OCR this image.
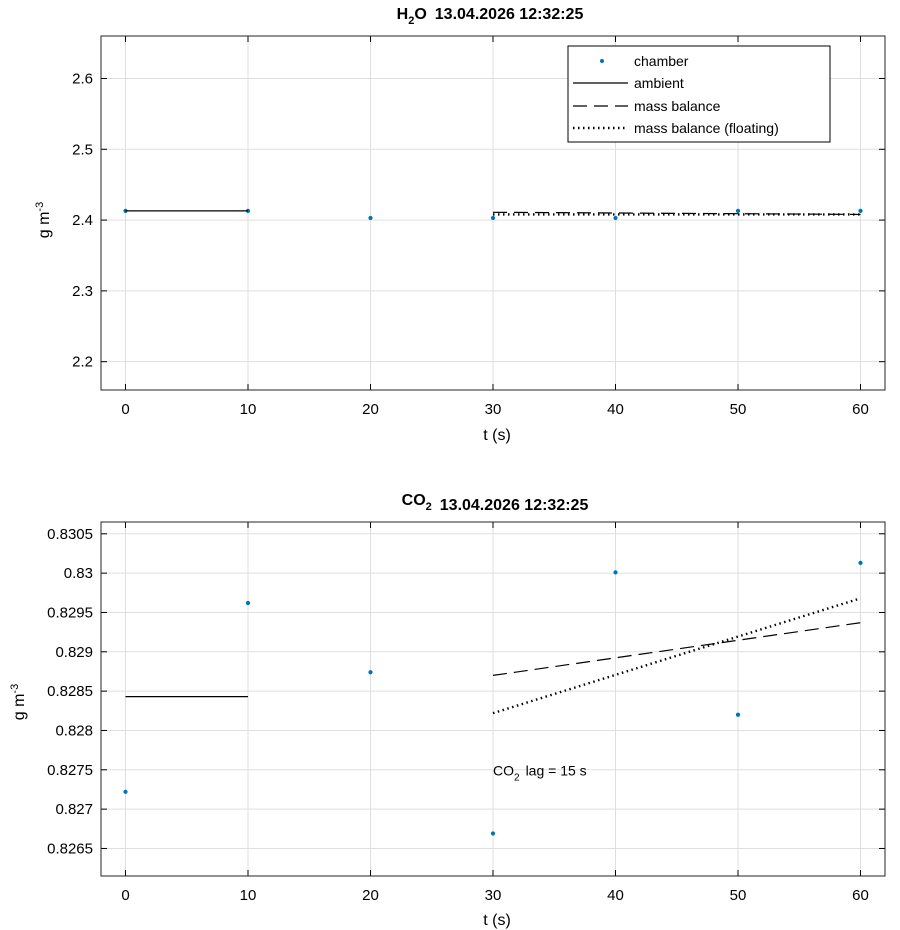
$H_2O$ 13.04.2026 12:32:25
0	10	20	30	40	50	60
2.2
2.3
2.4
2.5
2.6
t (s)
g $m^{-3}$
chamber
ambient
mass balance
mass balance (floating)
$CO_2$ 13.04.2026 12:32:25
0	10	20	30	40	50	60
0.8265
0.827
0.8275
0.828
0.8285
0.829
0.8295
0.83
0.8305
t (s)
g $m^{-3}$
$CO_2$ lag = 15 s
